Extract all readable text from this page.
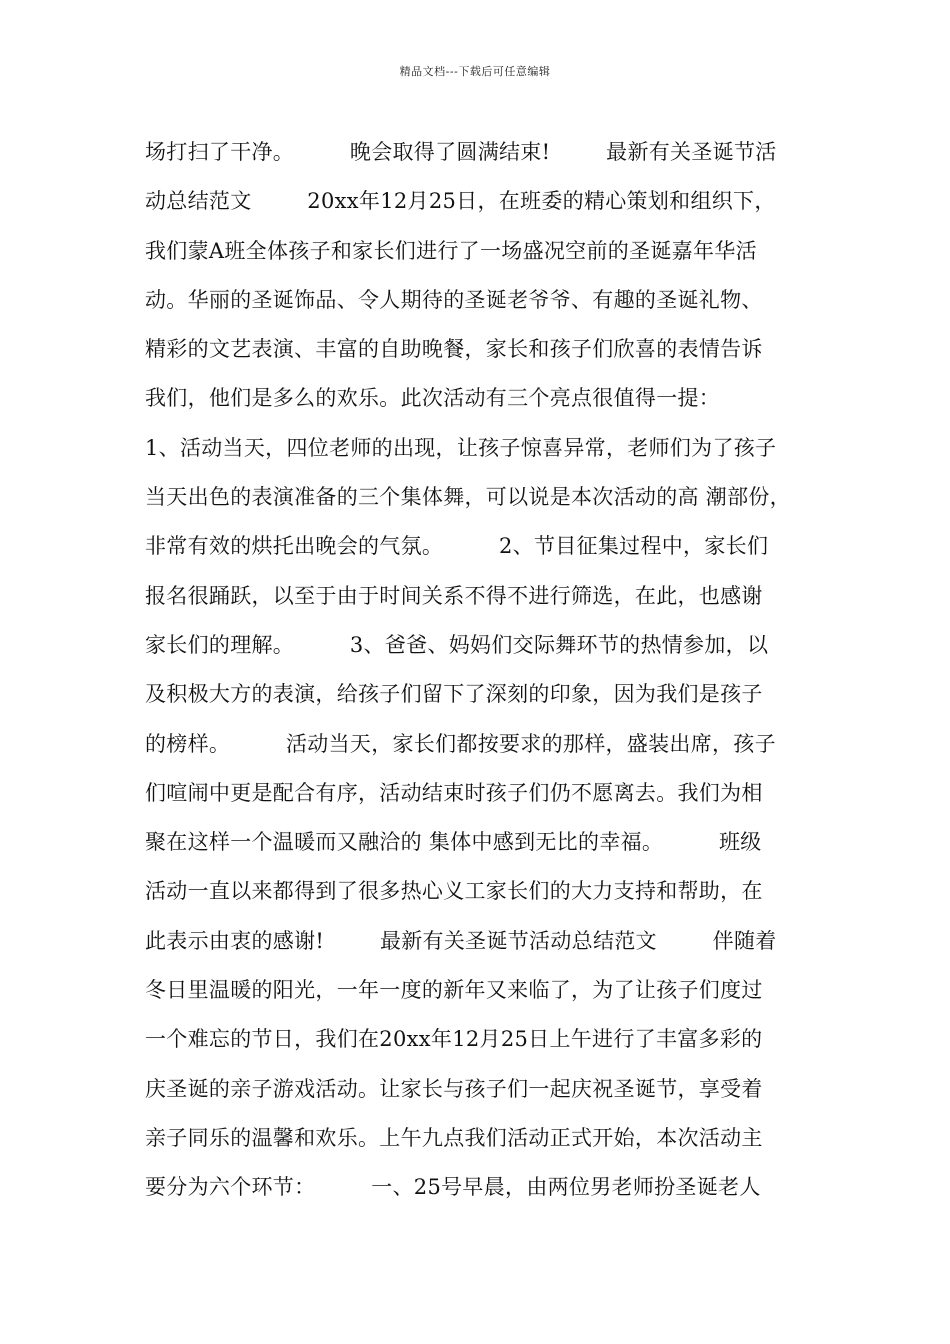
精品文档---下载后可任意编辑
场打扫了干净。        晚会取得了圆满结束!        最新有关圣诞节活
动总结范文        20xx年12月25日，在班委的精心策划和组织下，
我们蒙A班全体孩子和家长们进行了一场盛况空前的圣诞嘉年华活
动。华丽的圣诞饰品、令人期待的圣诞老爷爷、有趣的圣诞礼物、
精彩的文艺表演、丰富的自助晚餐，家长和孩子们欣喜的表情告诉
我们，他们是多么的欢乐。此次活动有三个亮点很值得一提：
1、活动当天，四位老师的出现，让孩子惊喜异常，老师们为了孩子
当天出色的表演准备的三个集体舞，可以说是本次活动的高 潮部份，
非常有效的烘托出晚会的气氛。        2、节目征集过程中，家长们
报名很踊跃，以至于由于时间关系不得不进行筛选，在此，也感谢
家长们的理解。        3、爸爸、妈妈们交际舞环节的热情参加，以
及积极大方的表演，给孩子们留下了深刻的印象，因为我们是孩子
的榜样。        活动当天，家长们都按要求的那样，盛装出席，孩子
们喧闹中更是配合有序，活动结束时孩子们仍不愿离去。我们为相
聚在这样一个温暖而又融洽的 集体中感到无比的幸福。        班级
活动一直以来都得到了很多热心义工家长们的大力支持和帮助，在
此表示由衷的感谢!        最新有关圣诞节活动总结范文        伴随着
冬日里温暖的阳光，一年一度的新年又来临了，为了让孩子们度过
一个难忘的节日，我们在20xx年12月25日上午进行了丰富多彩的
庆圣诞的亲子游戏活动。让家长与孩子们一起庆祝圣诞节，享受着
亲子同乐的温馨和欢乐。上午九点我们活动正式开始，本次活动主
要分为六个环节：        一、25号早晨，由两位男老师扮圣诞老人
